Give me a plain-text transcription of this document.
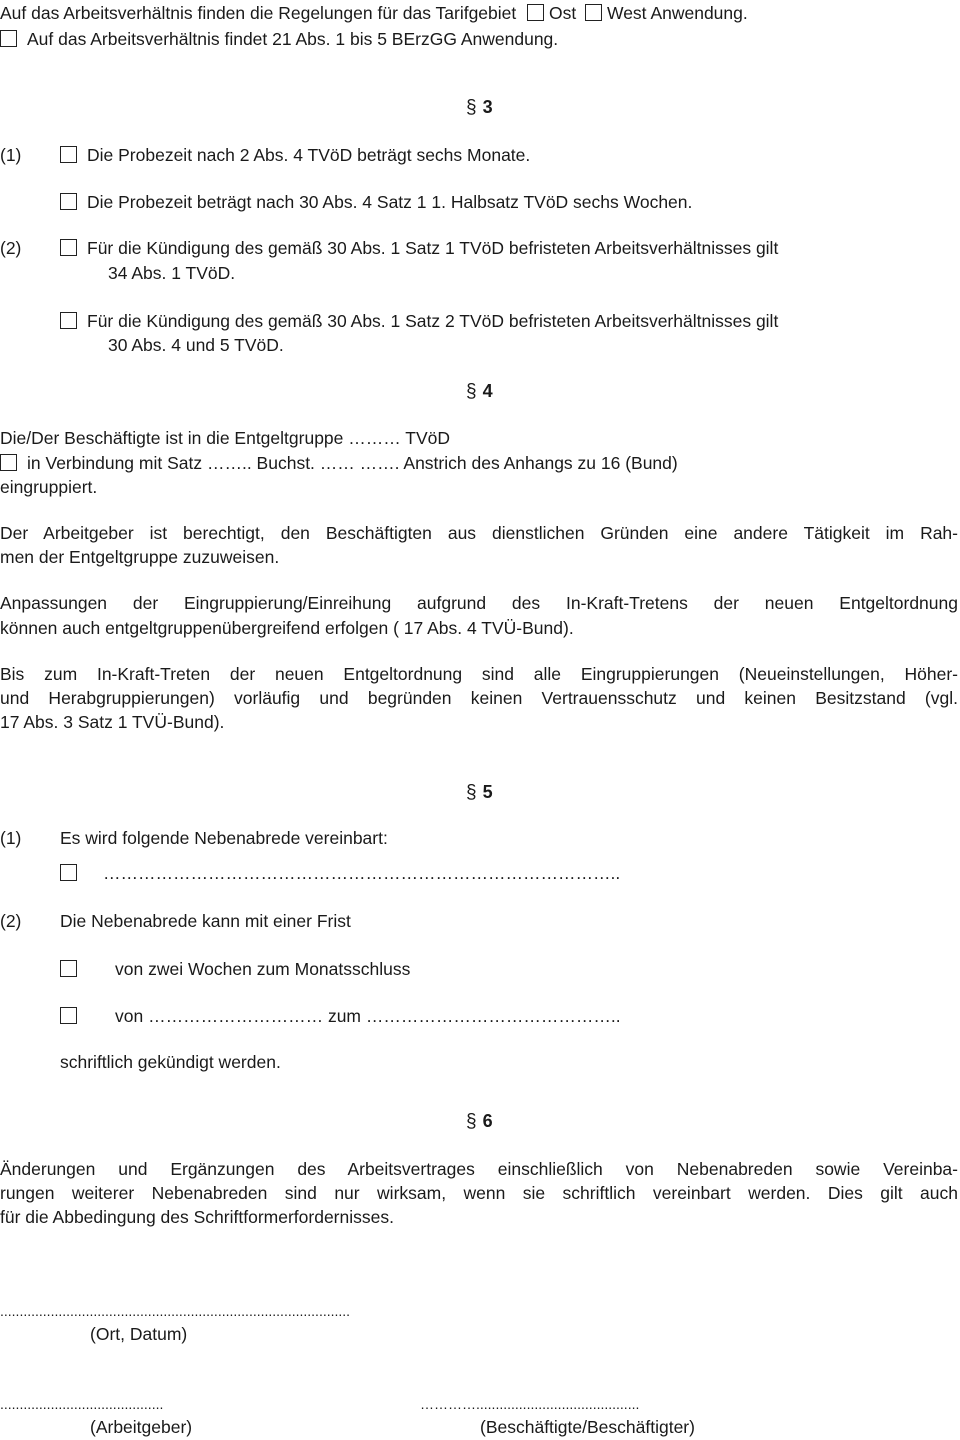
Auf das Arbeitsverhältnis finden die Regelungen für das Tarifgebiet Ost West Anwendung.
Auf das Arbeitsverhältnis findet 21 Abs. 1 bis 5 BErzGG Anwendung.
§ 3
(1)	Die Probezeit nach 2 Abs. 4 TVöD beträgt sechs Monate.
Die Probezeit beträgt nach 30 Abs. 4 Satz 1 1. Halbsatz TVöD sechs Wochen.
(2)	Für die Kündigung des gemäß 30 Abs. 1 Satz 1 TVöD befristeten Arbeitsverhältnisses gilt
34 Abs. 1 TVöD.
Für die Kündigung des gemäß 30 Abs. 1 Satz 2 TVöD befristeten Arbeitsverhältnisses gilt
30 Abs. 4 und 5 TVöD.
§ 4
Die/Der Beschäftigte ist in die Entgeltgruppe ……… TVöD
in Verbindung mit Satz …….. Buchst. …… ……. Anstrich des Anhangs zu 16 (Bund)
eingruppiert.
Der Arbeitgeber ist berechtigt, den Beschäftigten aus dienstlichen Gründen eine andere Tätigkeit im Rah-
men der Entgeltgruppe zuzuweisen.
Anpassungen der Eingruppierung/Einreihung aufgrund des In-Kraft-Tretens der neuen Entgeltordnung
können auch entgeltgruppenübergreifend erfolgen ( 17 Abs. 4 TVÜ-Bund).
Bis zum In-Kraft-Treten der neuen Entgeltordnung sind alle Eingruppierungen (Neueinstellungen, Höher-
und Herabgruppierungen) vorläufig und begründen keinen Vertrauensschutz und keinen Besitzstand (vgl.
17 Abs. 3 Satz 1 TVÜ-Bund).
§ 5
(1) Es wird folgende Nebenabrede vereinbart:
……………………………………………………………………………..
(2) Die Nebenabrede kann mit einer Frist
von zwei Wochen zum Monatsschluss
von ………………………… zum ……………………………………..
schriftlich gekündigt werden.
§ 6
Änderungen und Ergänzungen des Arbeitsvertrages einschließlich von Nebenabreden sowie Vereinba-
rungen weiterer Nebenabreden sind nur wirksam, wenn sie schriftlich vereinbart werden. Dies gilt auch
für die Abbedingung des Schriftformerfordernisses.
..........................................................................................
(Ort, Datum)
..........................................	…………..........................................
(Arbeitgeber)	(Beschäftigte/Beschäftigter)
